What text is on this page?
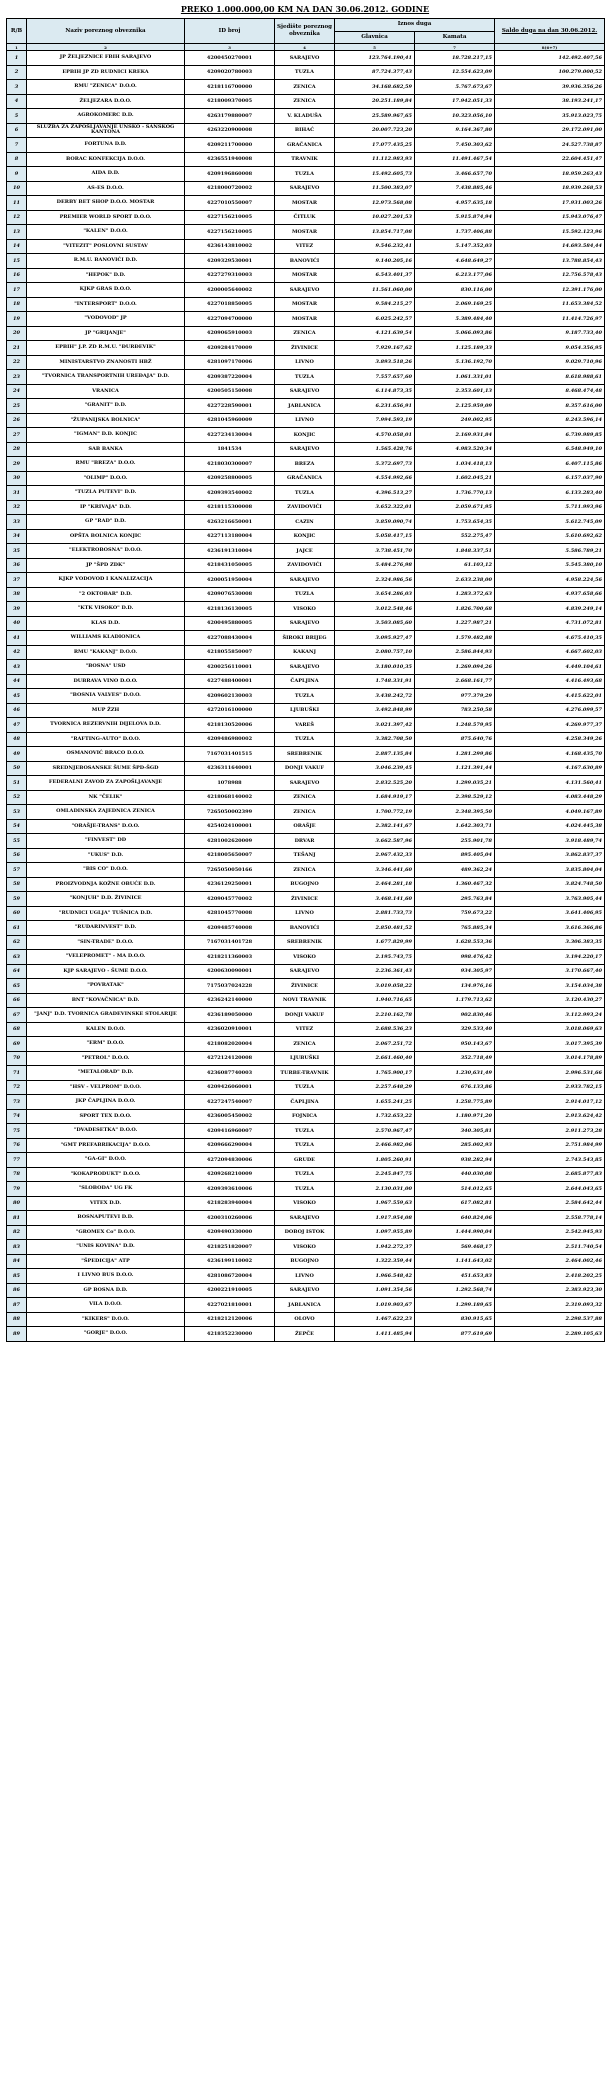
PREKO 1.000.000,00 KM NA DAN 30.06.2012. GODINE
R/B	Naziv poreznog obveznika	ID broj	Sjedište poreznog obveznika	Iznos duga		Saldo duga na dan 30.06.2012.
				Glavnica	Kamata	
1	2	3	4	5	7	8(6+7)
1	JP ŽELJEZNICE FBIH SARAJEVO	4200450270001	SARAJEVO	123.764.190,41	18.728.217,15	142.492.407,56
2	EPBIH JP ZD RUDNICI KREKA	4209020780003	TUZLA	87.724.377,43	12.554.623,09	100.279.000,52
3	RMU "ZENICA" D.O.O.	4218116700000	ZENICA	34.168.682,59	5.767.673,67	39.936.356,26
4	ŽELJEZARA D.O.O.	4218009370005	ZENICA	20.251.189,84	17.942.051,33	38.193.241,17
5	AGROKOMERC D.D.	4263179880007	V. KLADUŠA	25.589.967,65	10.323.056,10	35.913.023,75
6	SLUŽBA ZA ZAPOŠLJAVANJE UNSKO - SANSKOG KANTONA	4263220900008	BIHAĆ	20.007.723,20	9.164.367,80	29.172.091,00
7	FORTUNA D.D.	4209211700000	GRAČANICA	17.077.435,25	7.450.303,62	24.527.738,87
8	BORAC KONFEKCIJA D.O.O.	4236551940008	TRAVNIK	11.112.983,93	11.491.467,54	22.604.451,47
9	AIDA D.D.	4209196860008	TUZLA	15.492.605,73	3.466.657,70	18.959.263,43
10	AS-ES D.O.O.	4218000720002	SARAJEVO	11.500.383,07	7.438.885,46	18.939.268,53
11	DERBY BET SHOP D.O.O. MOSTAR	4227010550007	MOSTAR	12.973.568,08	4.957.635,18	17.931.003,26
12	PREMIER WORLD SPORT D.O.O.	4227156210005	ČITLUK	10.027.201,53	5.915.874,94	15.943.076,47
13	"KALEN" D.O.O.	4227156210005	MOSTAR	13.854.717,08	1.737.406,88	15.592.123,96
14	"VITEZIT" POSLOVNI SUSTAV	4236143810002	VITEZ	9.546.232,41	5.147.352,03	14.693.584,44
15	R.M.U. BANOVIĆI D.D.	4209329530001	BANOVIĆI	9.140.205,16	4.648.649,27	13.788.854,43
16	"HEPOK" D.D.	4227279310003	MOSTAR	6.543.401,37	6.213.177,06	12.756.578,43
17	KJKP GRAS D.O.O.	4200005640002	SARAJEVO	11.561.060,00	830.116,00	12.391.176,00
18	"INTERSPORT" D.O.O.	4227018850005	MOSTAR	9.584.215,27	2.069.169,25	11.653.384,52
19	"VODOVOD" JP	4227094700000	MOSTAR	6.025.242,57	5.389.484,40	11.414.726,97
20	JP "GRIJANJE"	4209065910003	ZENICA	4.121.639,54	5.066.093,86	9.187.733,40
21	EPBIH" J.P. ZD R.M.U. "ĐURĐEVIK"	4209284170009	ŽIVINICE	7.929.167,62	1.125.189,33	9.054.356,95
22	MINISTARSTVO ZNANOSTI HBŽ	4281097170006	LIVNO	3.893.518,26	5.136.192,70	9.029.710,96
23	"TVORNICA TRANSPORTNIH UREĐAJA" D.D.	4209387220004	TUZLA	7.557.657,60	1.061.331,01	8.618.988,61
24	VRANICA	4200505150008	SARAJEVO	6.114.873,35	2.353.601,13	8.468.474,48
25	"GRANIT" D.D.	4227228590001	JABLANICA	6.231.656,91	2.125.959,09	8.357.616,00
26	"ŽUPANIJSKA BOLNICA"	4281045960009	LIVNO	7.994.593,19	249.002,95	8.243.596,14
27	"IGMAN" D.D. KONJIC	4227234130004	KONJIC	4.570.058,01	2.169.931,84	6.739.989,85
28	SAB BANKA	1841534	SARAJEVO	1.565.428,76	4.983.520,34	6.548.949,10
29	RMU "BREZA" D.O.O.	4218030300007	BREZA	5.372.697,73	1.034.418,13	6.407.115,86
30	"OLIMP" D.O.O.	4209258800005	GRAČANICA	4.554.992,66	1.602.045,21	6.157.037,90
31	"TUZLA PUTEVI" D.D.	4209393540002	TUZLA	4.396.513,27	1.736.770,13	6.133.283,40
32	IP "KRIVAJA" D.D.	4218115300008	ZAVIDOVIĆI	3.652.322,01	2.059.671,95	5.711.993,96
33	GP "RAD" D.D.	4263216650001	CAZIN	3.859.090,74	1.753.654,35	5.612.745,09
34	OPŠTA BOLNICA KONJIC	4227113180004	KONJIC	5.058.417,15	552.275,47	5.610.692,62
35	"ELEKTROBOSNA" D.O.O.	4236191310004	JAJCE	3.738.451,70	1.848.337,51	5.586.789,21
36	JP "ŠPD ZDK"	4218431050005	ZAVIDOVIĆI	5.484.276,98	61.103,12	5.545.380,10
37	KJKP VODOVOD I KANALIZACIJA	4200051950004	SARAJEVO	2.324.986,56	2.633.238,00	4.958.224,56
38	"2 OKTOBAR" D.D.	4209076530008	TUZLA	3.654.286,03	1.283.372,63	4.937.658,66
39	"KTK VISOKO" D.D.	4218136130005	VISOKO	3.012.548,46	1.826.700,68	4.839.249,14
40	KLAS D.D.	4200495880005	SARAJEVO	3.503.085,60	1.227.987,21	4.731.072,81
41	WILLIAMS KLADIONICA	4227088430004	ŠIROKI BRIJEG	3.095.927,47	1.579.482,88	4.675.410,35
42	RMU "KAKANJ" D.O.O.	4218055850007	KAKANJ	2.080.757,10	2.586.844,93	4.667.602,03
43	"BOSNA" USD	4200256110001	SARAJEVO	3.180.010,35	1.269.094,26	4.449.104,61
44	DUBRAVA VINO D.O.O.	4227488400001	ČAPLJINA	1.748.331,91	2.668.161,77	4.416.493,68
45	"BOSNIA VALVES" D.O.O.	4209602130003	TUZLA	3.438.242,72	977.379,29	4.415.622,01
46	MUP ŽZH	4272016100000	LJUBUŠKI	3.492.848,99	783.250,58	4.276.099,57
47	TVORNICA REZERVNIH DIJELOVA D.D.	4218130520006	VAREŠ	3.021.397,42	1.248.579,95	4.269.977,37
48	"RAFTING-AUTO" D.O.O.	4209486980002	TUZLA	3.382.708,50	875.640,76	4.258.349,26
49	OSMANOVIĆ BRACO D.O.O.	7167031401515	SREBRENIK	2.887.135,84	1.281.299,86	4.168.435,70
50	SREDNJEBOSANSKE ŠUME ŠPD-ŠGD	4236311640001	DONJI VAKUF	3.046.239,45	1.121.391,44	4.167.630,89
51	FEDERALNI ZAVOD ZA ZAPOŠLJAVANJE	1078988	SARAJEVO	2.832.525,20	1.299.035,21	4.131.560,41
52	NK "ČELIK"	4218068140002	ZENICA	1.684.919,17	2.398.529,12	4.083.448,29
53	OMLADINSKA ZAJEDNICA ZENICA	7265050002399	ZENICA	1.700.772,19	2.348.395,50	4.049.167,89
54	"ORAŠJE-TRANS" D.O.O.	4254024100001	ORAŠJE	2.382.141,67	1.642.303,71	4.024.445,38
55	"FINVEST" DD	4281002620009	DRVAR	3.662.587,96	255.901,78	3.918.489,74
56	"UKUS" D.D.	4218005650007	TEŠANJ	2.967.432,33	895.405,04	3.862.837,37
57	"BIS CO" D.O.O.	7265050050166	ZENICA	3.346.441,60	489.362,24	3.835.804,04
58	PROIZVODNJA KOŽNE OBUĆE D.D.	4236129250001	BUGOJNO	2.464.281,18	1.360.467,32	3.824.748,50
59	"KONJUH" D.D. ŽIVINICE	4209045770002	ŽIVINICE	3.468.141,60	295.763,84	3.763.905,44
60	"RUDNICI UGLJA" TUŠNICA D.D.	4281045770008	LIVNO	2.881.733,73	759.673,22	3.641.406,95
61	"RUDARINVEST" D.D.	4209485740008	BANOVIĆI	2.850.481,52	765.885,34	3.616.366,86
62	"SIN-TRADE" D.O.O.	7167031401728	SREBRENIK	1.677.829,99	1.628.553,36	3.306.383,35
63	"VELEPROMET" - MA D.O.O.	4218211360003	VISOKO	2.195.743,75	998.476,42	3.194.220,17
64	KJP SARAJEVO - ŠUME D.O.O.	4200630090001	SARAJEVO	2.236.361,43	934.305,97	3.170.667,40
65	"POVRATAK"	7175037024228	ŽIVINICE	3.019.058,22	134.976,16	3.154.034,38
66	BNT "KOVAČNICA" D.D.	4236242140000	NOVI TRAVNIK	1.940.716,65	1.179.713,62	3.120.430,27
67	"JANJ" D.D. TVORNICA GRADEVINSKE STOLARIJE	4236189050000	DONJI VAKUF	2.210.162,78	902.830,46	3.112.993,24
68	KALEN D.O.O.	4236020910001	VITEZ	2.688.536,23	329.533,40	3.018.069,63
69	"ERM" D.O.O.	4218082020004	ZENICA	2.067.251,72	950.143,67	3.017.395,39
70	"PETROL" D.O.O.	4272124120008	LJUBUŠKI	2.661.460,40	352.718,49	3.014.178,89
71	"METALORAD" D.D.	4236087740003	TURBE-TRAVNIK	1.765.900,17	1.230,631,49	2.996.531,66
72	"HSV - VELPROM" D.O.O.	4209426060001	TUZLA	2.257.648,29	676.133,86	2.933.782,15
73	JKP ČAPLJINA D.O.O.	4227247540007	ČAPLJINA	1.655.241,25	1.258.775,89	2.914.017,12
74	SPORT TEX D.O.O.	4236005450002	FOJNICA	1.732.653,22	1.180.971,20	2.913.624,42
75	"DVADESETKA" D.O.O.	4209416960007	TUZLA	2.570.967,47	340.305,81	2.911.273,28
76	"GMT PREFABRIKACIJA" D.O.O.	4209666290004	TUZLA	2.466.982,06	285.002,93	2.751.984,99
77	"GA-GI" D.O.O.	4272094830006	GRUDE	1.805.260,91	938.282,94	2.743.543,85
78	"KOKAPRODUKT" D.O.O.	4209268210009	TUZLA	2.245.847,75	440.030,08	2.685.877,83
79	"SLOBODA" UG FK	4209393610006	TUZLA	2.130.031,00	514.012,65	2.644.043,65
80	VITEX D.D.	4218283940004	VISOKO	1.967.559,63	617.082,81	2.584.642,44
81	BOSNAPUTEVI D.D.	4200310260006	SARAJEVO	1.917.954,08	640.824,06	2.558.778,14
82	"GROMEX Co" D.O.O.	4209490330000	DOBOJ ISTOK	1.097.955,89	1.444.990,04	2.542.945,93
83	"UNIS KOVINA" D.D.	4218251820007	VISOKO	1.942.272,37	569.468,17	2.511.740,54
84	"ŠPEDICIJA" ATP	4236199110002	BUGOJNO	1.322.359,44	1.141.643,02	2.464.002,46
85	I LIVNO BUS D.O.O.	4281086720004	LIVNO	1.966.548,42	451.653,83	2.418.202,25
86	GP BOSNA D.D.	4200221910005	SARAJEVO	1.091.354,56	1.292.568,74	2.383.923,30
87	VILA D.O.O.	4227021810001	JABLANICA	1.019.903,67	1.299.189,65	2.319.093,32
88	"KIKERS" D.O.O.	4218212120006	OLOVO	1.467.622,23	830.915,65	2.298.537,88
89	"GORJE" D.O.O.	4218352230000	ŽEPČE	1.411.485,94	877.619,69	2.289.105,63
